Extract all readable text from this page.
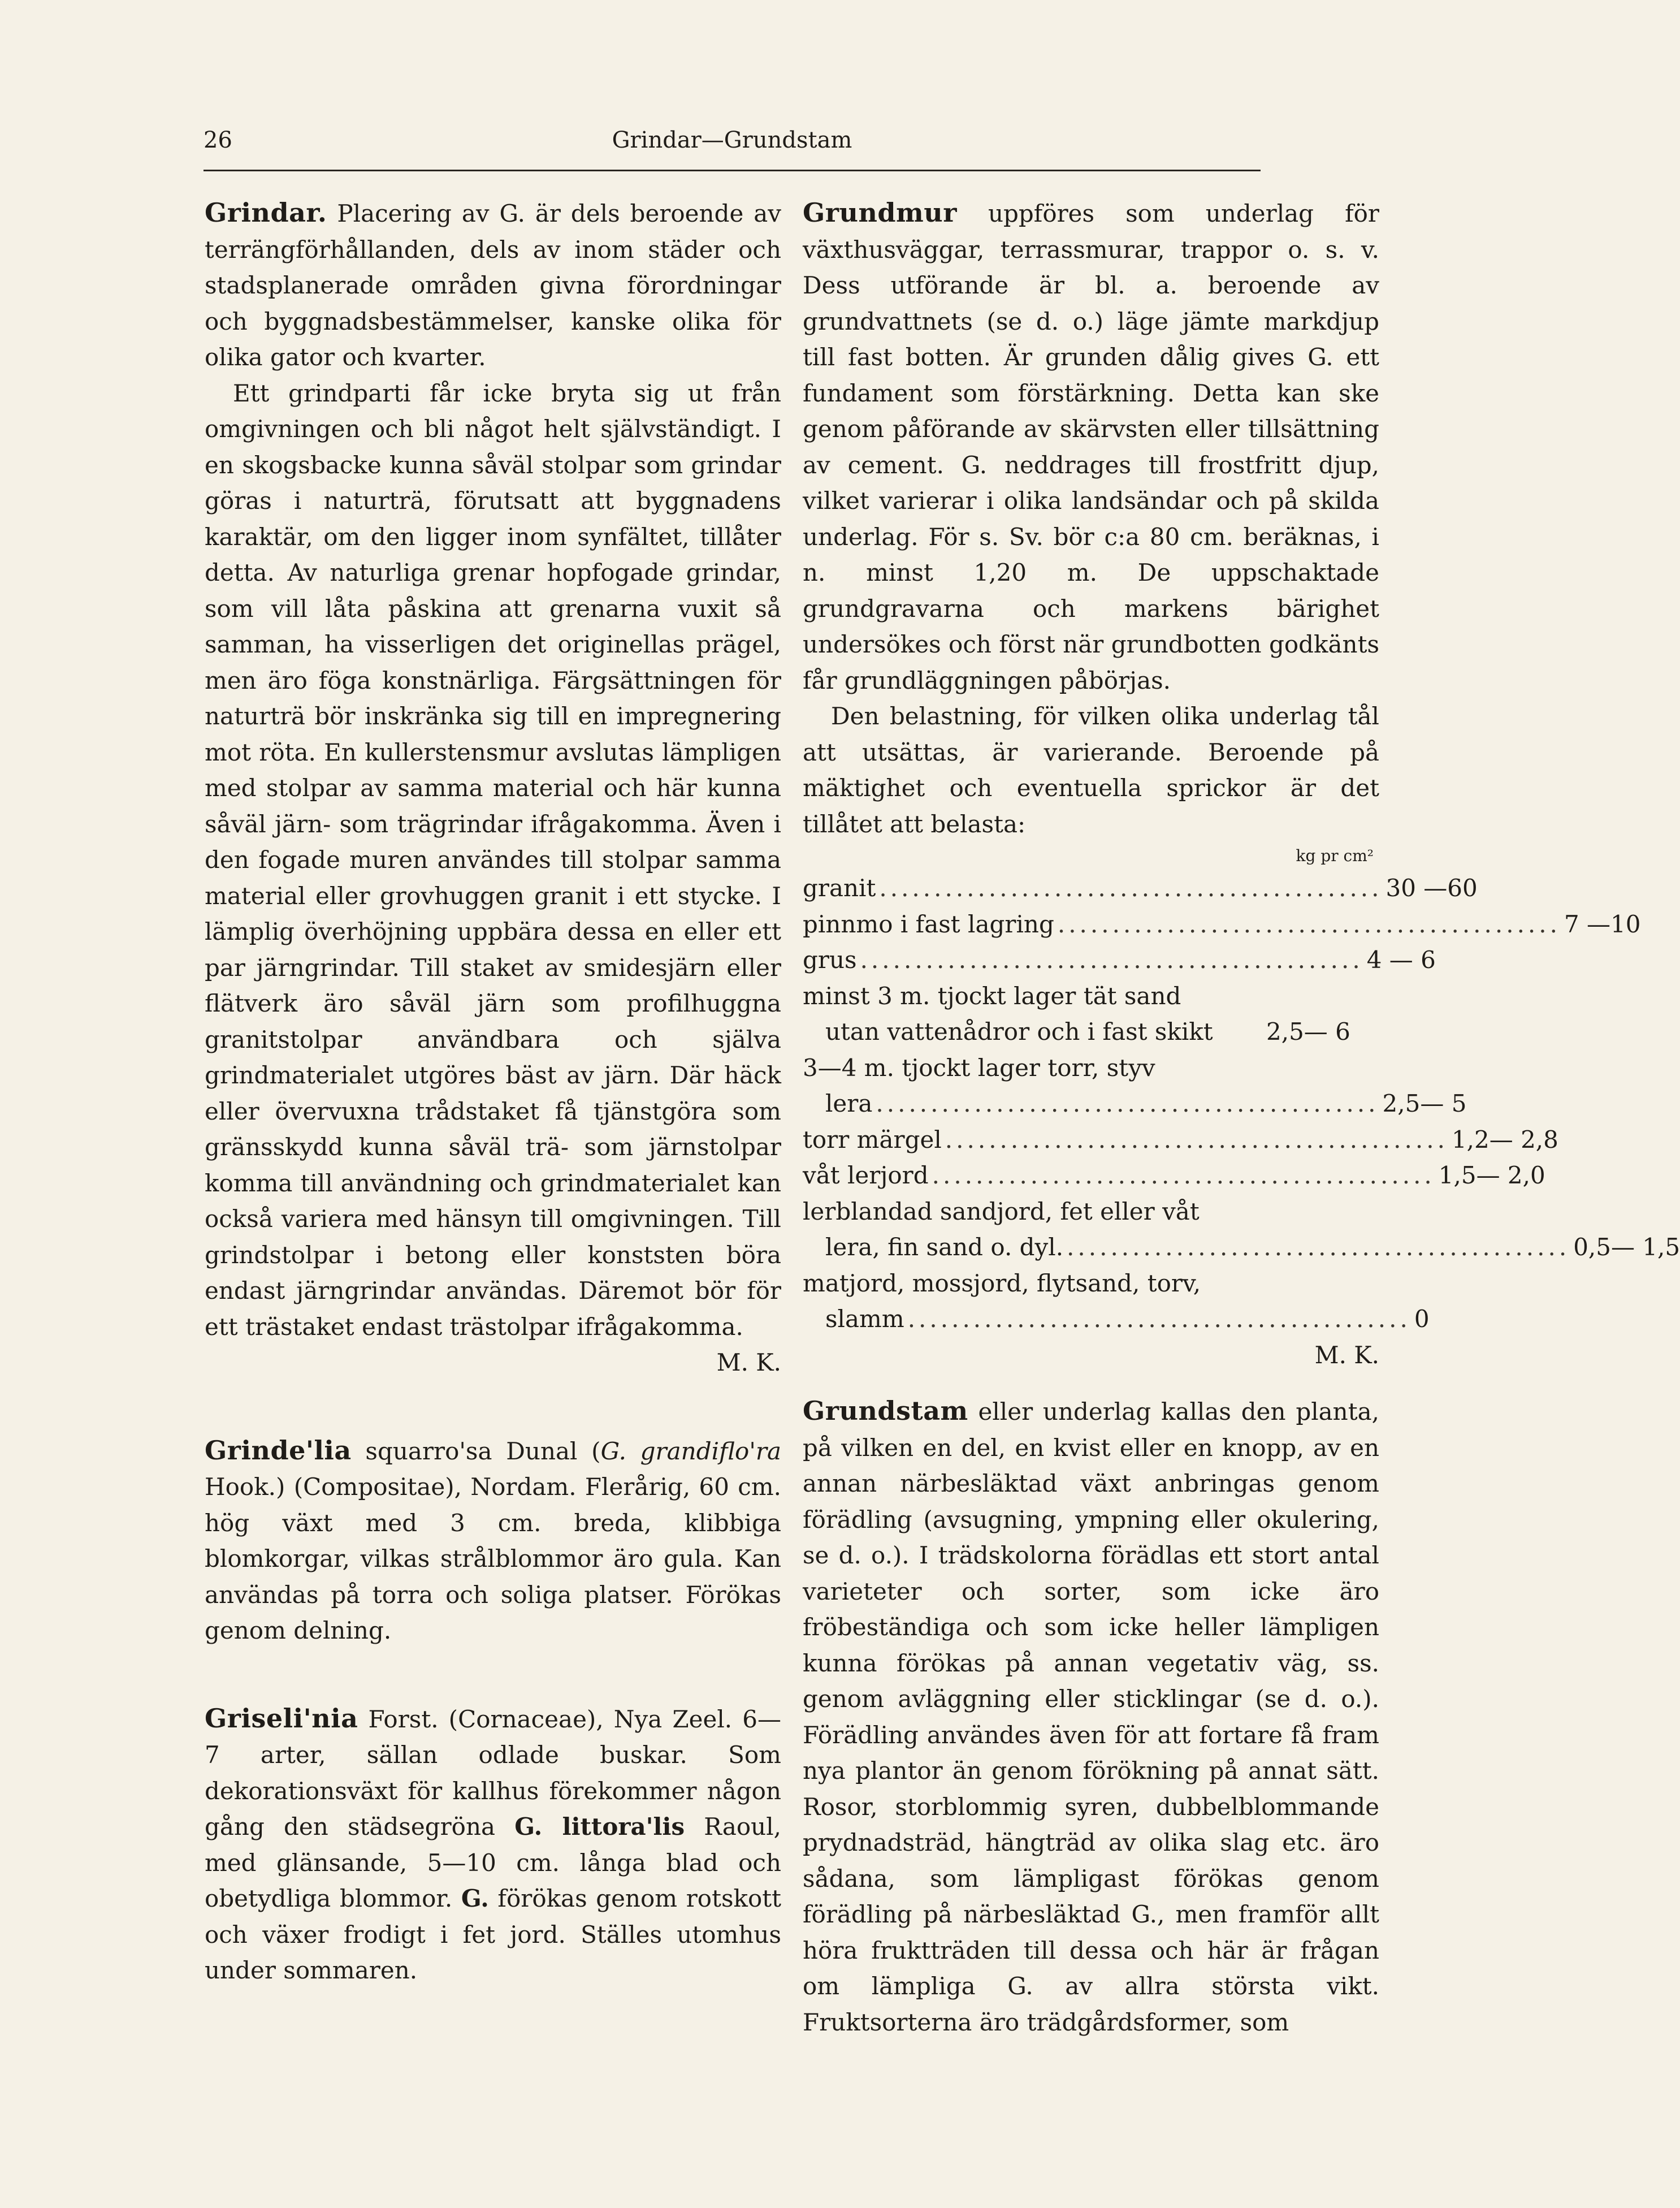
26	Grindar—Grundstam

Grindar. Placering av G. är dels beroende av terrängförhållanden, dels av inom städer och stadsplanerade områden givna förordningar och byggnadsbestämmelser, kanske olika för olika gator och kvarter.

Ett grindparti får icke bryta sig ut från omgivningen och bli något helt självständigt. I en skogsbacke kunna såväl stolpar som grindar göras i naturträ, förutsatt att byggnadens karaktär, om den ligger inom synfältet, tillåter detta. Av naturliga grenar hopfogade grindar, som vill låta påskina att grenarna vuxit så samman, ha visserligen det originellas prägel, men äro föga konstnärliga. Färgsättningen för naturträ bör inskränka sig till en impregnering mot röta. En kullerstensmur avslutas lämpligen med stolpar av samma material och här kunna såväl järn- som trägrindar ifrågakomma. Även i den fogade muren användes till stolpar samma material eller grovhuggen granit i ett stycke. I lämplig överhöjning uppbära dessa en eller ett par järngrindar. Till staket av smidesjärn eller flätverk äro såväl järn som profilhuggna granitstolpar användbara och själva grindmaterialet utgöres bäst av järn. Där häck eller övervuxna trådstaket få tjänstgöra som gränsskydd kunna såväl trä- som järnstolpar komma till användning och grindmaterialet kan också variera med hänsyn till omgivningen. Till grindstolpar i betong eller konststen böra endast järngrindar användas. Däremot bör för ett trästaket endast trästolpar ifrågakomma.

M. K.

Grinde'lia squarro'sa Dunal (G. grandiflo'ra Hook.) (Compositae), Nordam. Flerårig, 60 cm. hög växt med 3 cm. breda, klibbiga blomkorgar, vilkas strålblommor äro gula. Kan användas på torra och soliga platser. Förökas genom delning.

Griseli'nia Forst. (Cornaceae), Nya Zeel. 6—7 arter, sällan odlade buskar. Som dekorationsväxt för kallhus förekommer någon gång den städsegröna G. littora'lis Raoul, med glänsande, 5—10 cm. långa blad och obetydliga blommor. G. förökas genom rotskott och växer frodigt i fet jord. Ställes utomhus under sommaren.

Grundmur uppföres som underlag för växthusväggar, terrassmurar, trappor o. s. v. Dess utförande är bl. a. beroende av grundvattnets (se d. o.) läge jämte markdjup till fast botten. Är grunden dålig gives G. ett fundament som förstärkning. Detta kan ske genom påförande av skärvsten eller tillsättning av cement. G. neddrages till frostfritt djup, vilket varierar i olika landsändar och på skilda underlag. För s. Sv. bör c:a 80 cm. beräknas, i n. minst 1,20 m. De uppschaktade grundgravarna och markens bärighet undersökes och först när grundbotten godkänts får grundläggningen påbörjas.

Den belastning, för vilken olika underlag tål att utsättas, är varierande. Beroende på mäktighet och eventuella sprickor är det tillåtet att belasta:

kg pr cm²
granit .............................................. 30 —60
pinnmo i fast lagring .............................................. 7 —10
grus .............................................. 4 — 6
minst 3 m. tjockt lager tät sand
utan vattenådror och i fast skikt 2,5— 6
3—4 m. tjockt lager torr, styv
lera .............................................. 2,5— 5
torr märgel .............................................. 1,2— 2,8
våt lerjord .............................................. 1,5— 2,0
lerblandad sandjord, fet eller våt
lera, fin sand o. dyl. .............................................. 0,5— 1,5
matjord, mossjord, flytsand, torv,
slamm .............................................. 0
M. K.

Grundstam eller underlag kallas den planta, på vilken en del, en kvist eller en knopp, av en annan närbesläktad växt anbringas genom förädling (avsugning, ympning eller okulering, se d. o.). I trädskolorna förädlas ett stort antal varieteter och sorter, som icke äro fröbeständiga och som icke heller lämpligen kunna förökas på annan vegetativ väg, ss. genom avläggning eller sticklingar (se d. o.). Förädling användes även för att fortare få fram nya plantor än genom förökning på annat sätt. Rosor, storblommig syren, dubbelblommande prydnadsträd, hängträd av olika slag etc. äro sådana, som lämpligast förökas genom förädling på närbesläktad G., men framför allt höra fruktträden till dessa och här är frågan om lämpliga G. av allra största vikt. Fruktsorterna äro trädgårdsformer, som
